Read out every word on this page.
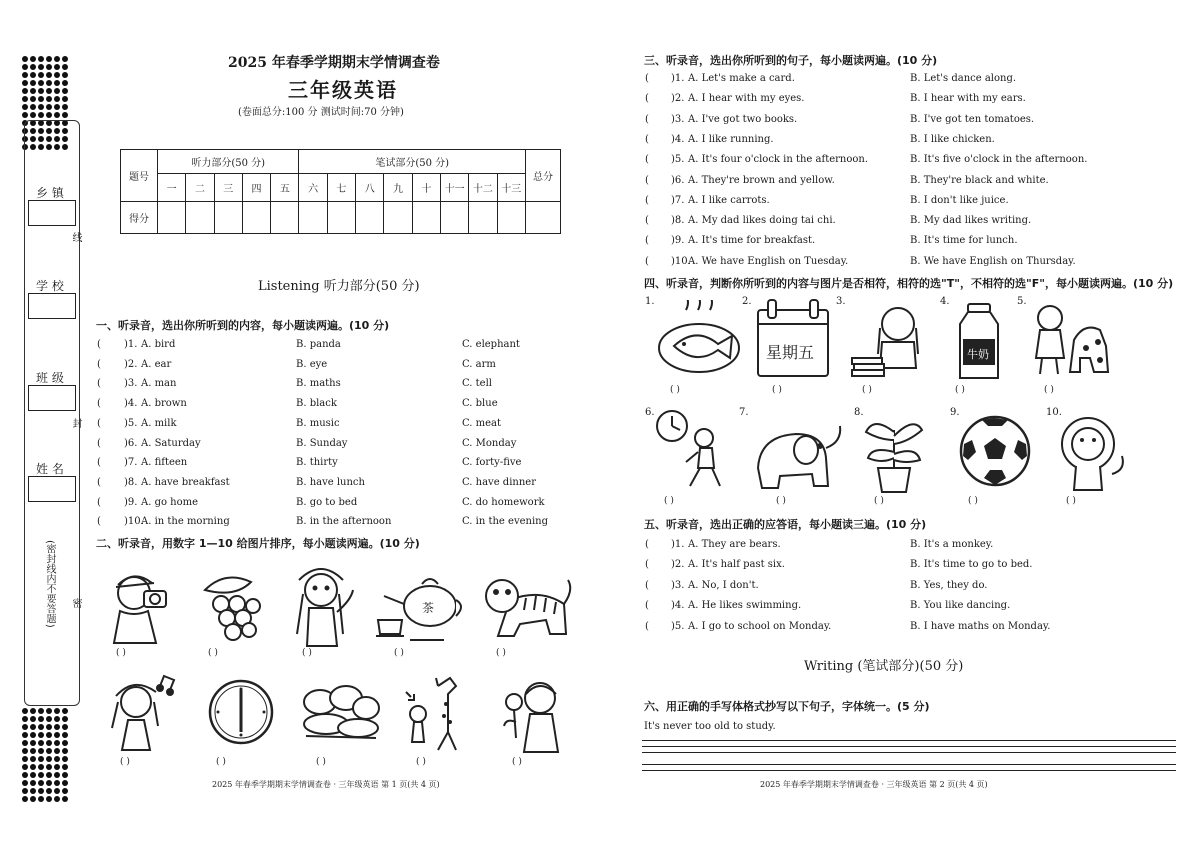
乡 镇
学 校
班 级
姓 名
(密封线内不要答题)
线
封
密
2025 年春季学期期末学情调查卷
三年级英语
(卷面总分:100 分 测试时间:70 分钟)
题号	听力部分(50 分)					笔试部分(50 分)								总分
	一	二	三	四	五	六	七	八	九	十	十一	十二	十三	
得分														
Listening 听力部分(50 分)
一、听录音，选出你所听到的内容，每小题读两遍。(10 分)
( )1. A. bird	B. panda	C. elephant
( )2. A. ear	B. eye	C. arm
( )3. A. man	B. maths	C. tell
( )4. A. brown	B. black	C. blue
( )5. A. milk	B. music	C. meat
( )6. A. Saturday	B. Sunday	C. Monday
( )7. A. fifteen	B. thirty	C. forty-five
( )8. A. have breakfast	B. have lunch	C. have dinner
( )9. A. go home	B. go to bed	C. do homework
( )10.
A. in the morning	B. in the afternoon	C. in the evening
二、听录音，用数字 1—10 给图片排序，每小题读两遍。(10 分)
茶
( )	( )	( )	( )	( )
( )	( )	( )	( )	( )
2025 年春季学期期末学情调查卷 · 三年级英语 第 1 页(共 4 页)
三、听录音，选出你所听到的句子，每小题读两遍。(10 分)
( )1. A. Let's make a card.	B. Let's dance along.
( )2. A. I hear with my eyes.	B. I hear with my ears.
( )3. A. I've got two books.	B. I've got ten tomatoes.
( )4. A. I like running.	B. I like chicken.
( )5. A. It's four o'clock in the afternoon.	B. It's five o'clock in the afternoon.
( )6. A. They're brown and yellow.	B. They're black and white.
( )7. A. I like carrots.	B. I don't like juice.
( )8. A. My dad likes doing tai chi.	B. My dad likes writing.
( )9. A. It's time for breakfast.	B. It's time for lunch.
( )10.
A. We have English on Tuesday.	B. We have English on Thursday.
四、听录音，判断你所听到的内容与图片是否相符，相符的选"T"，不相符的选"F"，每小题读两遍。(10 分)
1.	2.	3.	4.	5.
6.	7.	8.	9.	10.
星期五	牛奶
( )	( )	( )	( )	( )
( )	( )	( )	( )	( )
五、听录音，选出正确的应答语，每小题读三遍。(10 分)
( )1. A. They are bears.	B. It's a monkey.
( )2. A. It's half past six.	B. It's time to go to bed.
( )3. A. No, I don't.	B. Yes, they do.
( )4. A. He likes swimming.	B. You like dancing.
( )5. A. I go to school on Monday.	B. I have maths on Monday.
Writing (笔试部分)(50 分)
六、用正确的手写体格式抄写以下句子，字体统一。(5 分)
It's never too old to study.
2025 年春季学期期末学情调查卷 · 三年级英语 第 2 页(共 4 页)
